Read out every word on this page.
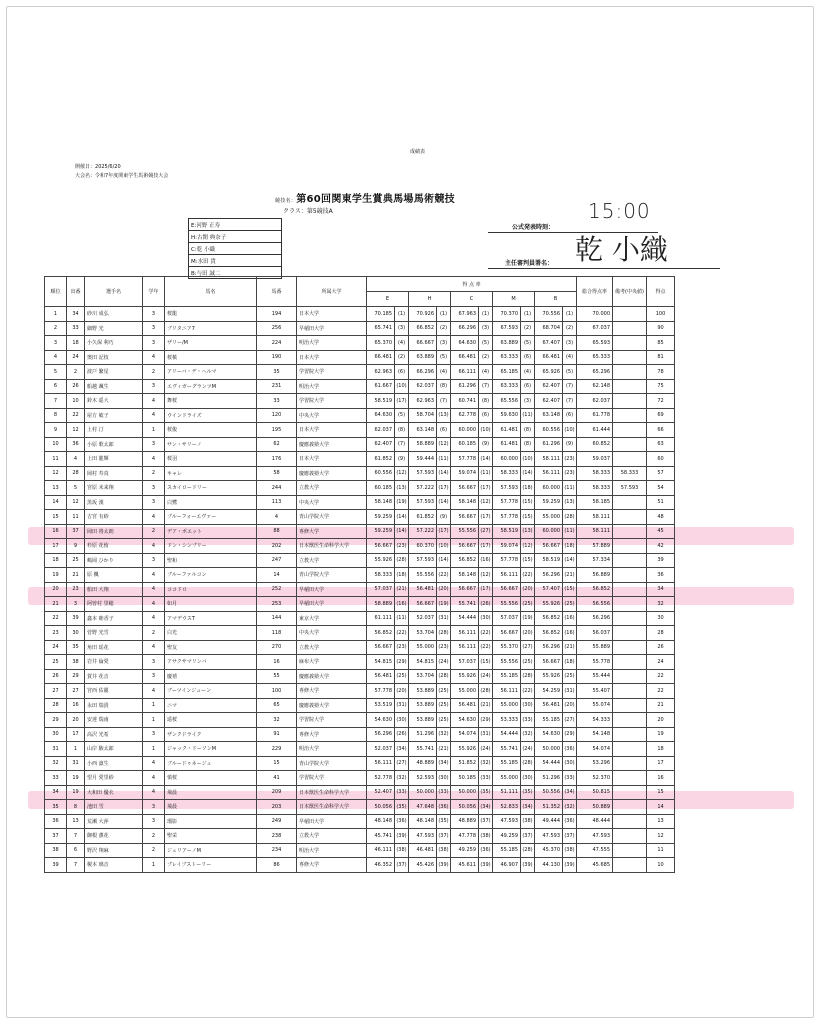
成績表
開催日：2025/6/20
大会名：令和7年度関東学生馬術競技大会
競技名：第60回関東学生賞典馬場馬術競技
クラス：第5競技A
E:河野 正寿
H:古閑 典奈子
C:乾 小織
M:水田 貴
B:与田 誠二
公式発表時刻：
15:00
主任審判員署名： 乾 小織
順位	出番	選手名	学年	馬名	馬番	所属大学	得 点 率										総合得点率	備考(中央値)	得点
							E		H		C		M		B				
1	34	砂川 成弘	3	桜龍	194	日本大学	70.185	(1)	70.926	(1)	67.963	(1)	70.370	(1)	70.556	(1)	70.000		100
2	33	細野 光	3	ブリタニア7	256	早稲田大学	65.741	(3)	66.852	(2)	66.296	(3)	67.593	(2)	68.704	(2)	67.037		90
3	18	小久保 利巧	3	ザリー/M	224	明治大学	65.370	(4)	66.667	(3)	64.630	(5)	63.889	(5)	67.407	(3)	65.593		85
4	24	奥田 記枝	4	桜槙	190	日本大学	66.481	(2)	63.889	(5)	66.481	(2)	63.333	(6)	66.481	(4)	65.333		81
5	2	波戸 繁星	2	アリーバ・デ・ヘルマ	35	学習院大学	62.963	(6)	66.296	(4)	66.111	(4)	65.185	(4)	65.926	(5)	65.296		78
6	26	船越 颯生	3	エヴィガーグランツM	231	明治大学	61.667	(10)	62.037	(8)	61.296	(7)	63.333	(6)	62.407	(7)	62.148		75
7	10	鈴木 遥大	4	舞桜	33	学習院大学	58.519	(17)	62.963	(7)	60.741	(8)	65.556	(3)	62.407	(7)	62.037		72
8	22	屋方 敏子	4	ウインドライズ	120	中央大学	64.630	(5)	58.704	(13)	62.778	(6)	59.630	(11)	63.148	(6)	61.778		69
9	12	上村 汀	1	桜俊	195	日本大学	62.037	(8)	63.148	(6)	60.000	(10)	61.481	(8)	60.556	(10)	61.444		66
10	36	小原 歌太郎	3	サン・サリーノ	62	慶應義塾大学	62.407	(7)	58.889	(12)	60.185	(9)	61.481	(8)	61.296	(9)	60.852		63
11	4	上田 龍輝	4	桜羽	176	日本大学	61.852	(9)	59.444	(11)	57.778	(14)	60.000	(10)	58.111	(23)	59.037		60
12	28	岡村 寿真	2	キャレ	58	慶應義塾大学	60.556	(12)	57.593	(14)	59.074	(11)	58.333	(14)	56.111	(23)	58.333	58.333	57
13	5	宮原 未来翔	3	スカイロードリー	244	立教大学	60.185	(13)	57.222	(17)	56.667	(17)	57.593	(18)	60.000	(11)	58.333	57.593	54
14	12	黒坂 漢	3	白鷺	113	中央大学	58.148	(19)	57.593	(14)	58.148	(12)	57.778	(15)	59.259	(13)	58.185		51
15	11	吉宮 有紗	4	ブルーフォーエヴァー	4	青山学院大学	59.259	(14)	61.852	(9)	56.667	(17)	57.778	(15)	55.000	(28)	58.111		48
16	37	岡田 将太朗	2	デア・ポエット	88	専修大学	59.259	(14)	57.222	(17)	55.556	(27)	58.519	(13)	60.000	(11)	58.111		45
17	9	杉原 花侑	4	ドン・シンプリー	202	日本獣医生命科学大学	56.667	(23)	60.370	(10)	56.667	(17)	59.074	(12)	56.667	(18)	57.889		42
18	25	嶋岡 ひかり	3	聖和	247	立教大学	55.926	(28)	57.593	(14)	56.852	(16)	57.778	(15)	58.519	(14)	57.334		39
19	21	原 楓	4	ブルーファルコン	14	青山学院大学	58.333	(18)	55.556	(22)	58.148	(12)	56.111	(22)	56.296	(21)	56.889		36
20	23	船田 大翔	4	ココドロ	252	早稲田大学	57.037	(21)	56.481	(20)	56.667	(17)	56.667	(20)	57.407	(15)	56.852		34
21	3	阿曽村 里穂	4	如月	253	早稲田大学	58.889	(16)	56.667	(19)	55.741	(26)	55.556	(25)	55.926	(25)	56.556		32
22	39	鑫本 睦香子	4	アマデウスT	144	東京大学	61.111	(11)	52.037	(31)	54.444	(30)	57.037	(19)	56.852	(16)	56.296		30
23	30	菅野 光雪	2	白光	118	中央大学	56.852	(22)	53.704	(28)	56.111	(22)	56.667	(20)	56.852	(16)	56.037		28
24	35	角田 瑶花	4	聖友	270	立教大学	56.667	(23)	55.000	(23)	56.111	(22)	55.370	(27)	56.296	(21)	55.889		26
25	38	岩井 倫愛	3	アサクサマリンバ	16	麻布大学	54.815	(29)	54.815	(24)	57.037	(15)	55.556	(25)	56.667	(18)	55.778		24
26	29	賀井 花音	3	慶禧	55	慶應義塾大学	56.481	(25)	53.704	(28)	55.926	(24)	55.185	(28)	55.926	(25)	55.444		22
27	27	宮西 佑麗	4	ブーツインジューン	100	専修大学	57.778	(20)	53.889	(25)	55.000	(28)	56.111	(22)	54.259	(31)	55.407		22
28	16	永田 瑞貴	1	ニマ	65	慶應義塾大学	53.519	(31)	53.889	(25)	56.481	(21)	55.000	(30)	56.481	(20)	55.074		21
29	20	安達 瑞南	1	遥桜	32	学習院大学	54.630	(30)	53.889	(25)	54.630	(29)	53.333	(33)	55.185	(27)	54.333		20
30	17	高沢 光希	3	ザンクドライク	91	専修大学	56.296	(26)	51.296	(32)	54.074	(31)	54.444	(32)	54.630	(29)	54.148		19
31	1	山岸 駿太郎	1	ジャック・ドーソンM	229	明治大学	52.037	(34)	55.741	(21)	55.926	(24)	55.741	(24)	50.000	(36)	54.074		18
32	31	小西 凛生	4	ブルードゥネージュ	15	青山学院大学	56.111	(27)	48.889	(34)	51.852	(32)	55.185	(28)	54.444	(30)	53.296		17
33	19	望月 愛里紗	4	慎桜	41	学習院大学	52.778	(32)	52.593	(30)	50.185	(33)	55.000	(30)	51.296	(33)	52.370		16
34	19	大和田 優衣	4	飛晨	209	日本獣医生命科学大学	52.407	(33)	50.000	(33)	50.000	(35)	51.111	(35)	50.556	(34)	50.815		15
35	8	池田 雪	3	飛晨	203	日本獣医生命科学大学	50.056	(35)	47.648	(36)	50.056	(34)	52.833	(34)	51.352	(32)	50.889		14
36	13	荒瀬 大萍	3	瑠影	249	早稲田大学	48.148	(36)	48.148	(35)	48.889	(37)	47.593	(38)	49.444	(36)	48.444		13
37	7	御根 薫花	2	聖栄	238	立教大学	45.741	(39)	47.593	(37)	47.778	(38)	49.259	(37)	47.593	(37)	47.593		12
38	6	野沢 翔麻	2	ジュリアーノM	234	明治大学	46.111	(38)	46.481	(38)	49.259	(36)	55.185	(28)	45.370	(38)	47.555		11
39	7	榎本 璃音	1	ブレイブストーリー	86	専修大学	46.352	(37)	45.426	(39)	45.611	(39)	46.907	(39)	44.130	(39)	45.685		10
